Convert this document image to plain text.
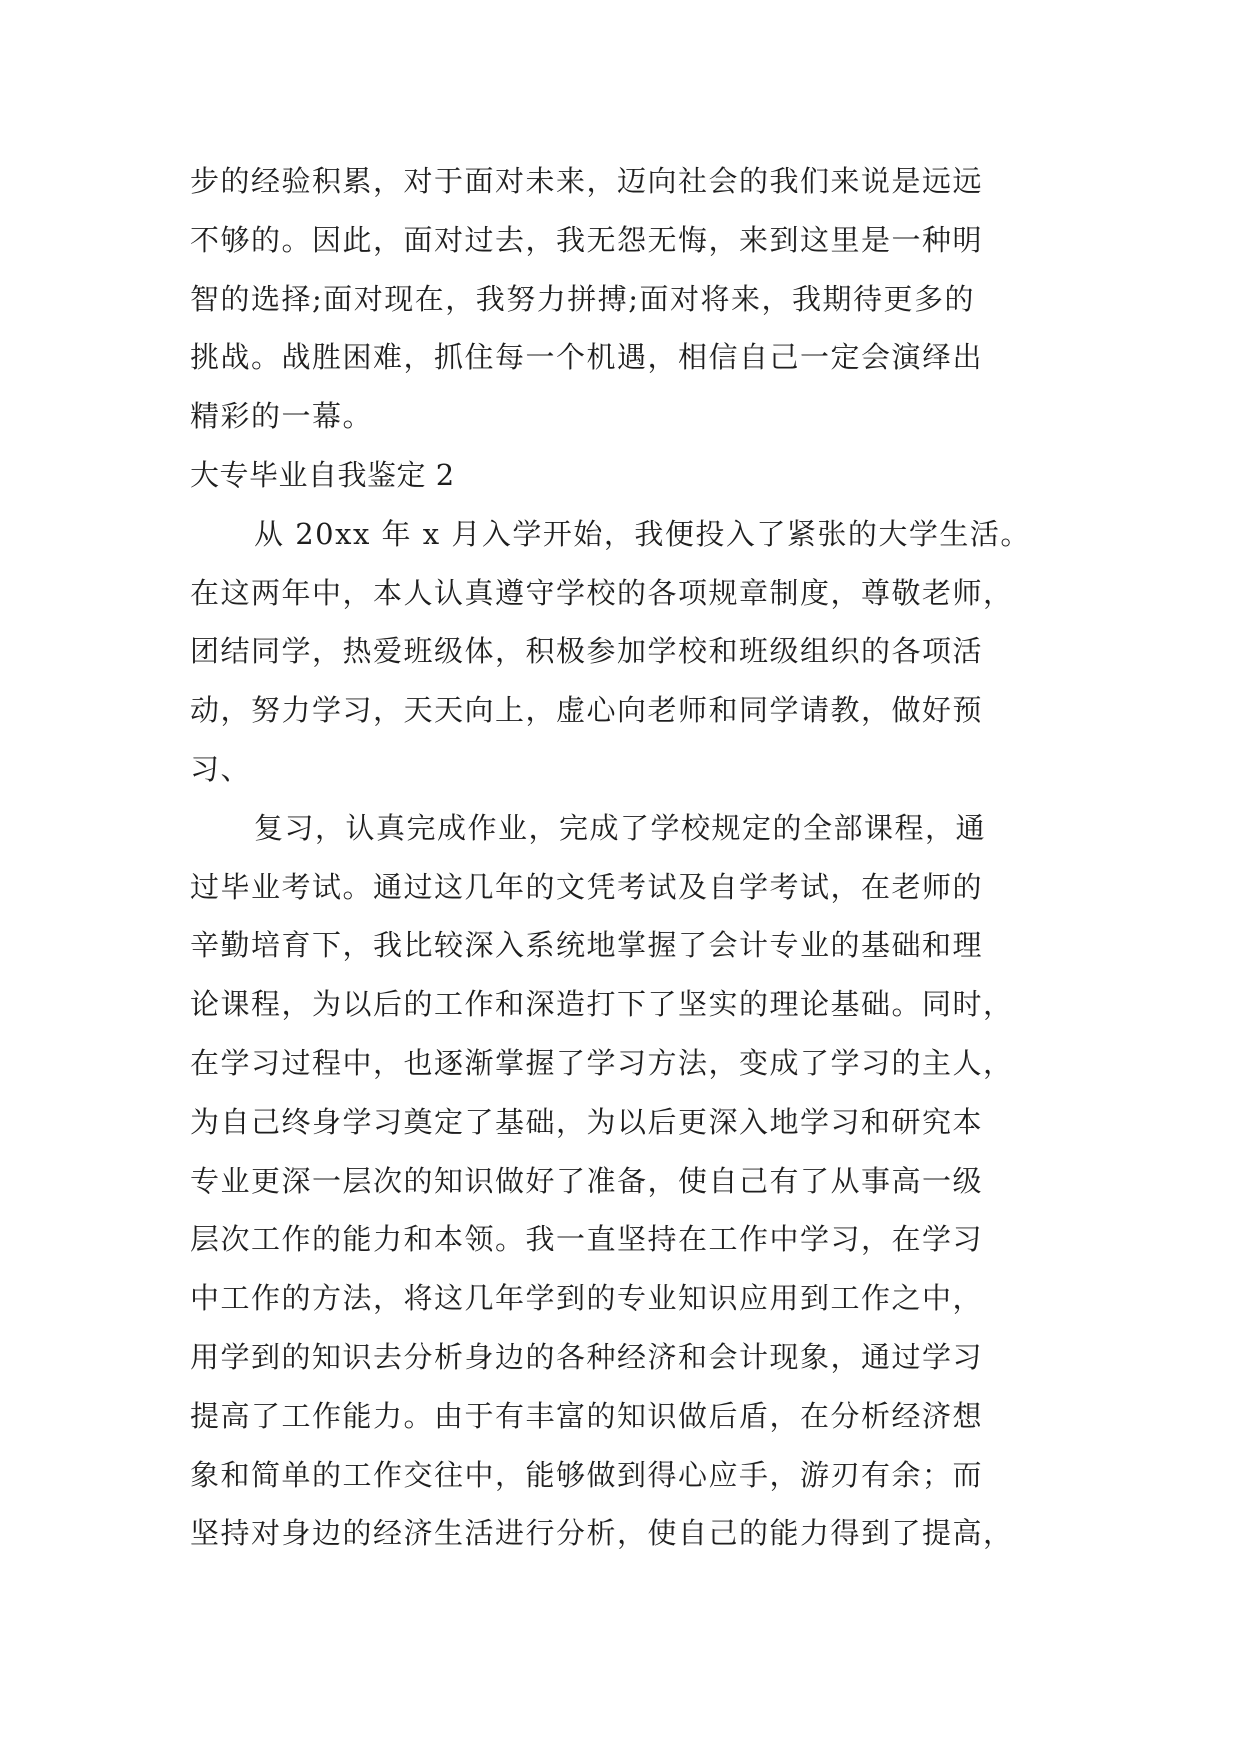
步的经验积累，对于面对未来，迈向社会的我们来说是远远
不够的。因此，面对过去，我无怨无悔，来到这里是一种明
智的选择;面对现在，我努力拼搏;面对将来，我期待更多的
挑战。战胜困难，抓住每一个机遇，相信自己一定会演绎出
精彩的一幕。
大专毕业自我鉴定 2
从 20xx 年 x 月入学开始，我便投入了紧张的大学生活。
在这两年中，本人认真遵守学校的各项规章制度，尊敬老师，
团结同学，热爱班级体，积极参加学校和班级组织的各项活
动，努力学习，天天向上，虚心向老师和同学请教，做好预
习、
复习，认真完成作业，完成了学校规定的全部课程，通
过毕业考试。通过这几年的文凭考试及自学考试，在老师的
辛勤培育下，我比较深入系统地掌握了会计专业的基础和理
论课程，为以后的工作和深造打下了坚实的理论基础。同时，
在学习过程中，也逐渐掌握了学习方法，变成了学习的主人，
为自己终身学习奠定了基础，为以后更深入地学习和研究本
专业更深一层次的知识做好了准备，使自己有了从事高一级
层次工作的能力和本领。我一直坚持在工作中学习，在学习
中工作的方法，将这几年学到的专业知识应用到工作之中，
用学到的知识去分析身边的各种经济和会计现象，通过学习
提高了工作能力。由于有丰富的知识做后盾，在分析经济想
象和简单的工作交往中，能够做到得心应手，游刃有余；而
坚持对身边的经济生活进行分析，使自己的能力得到了提高，
